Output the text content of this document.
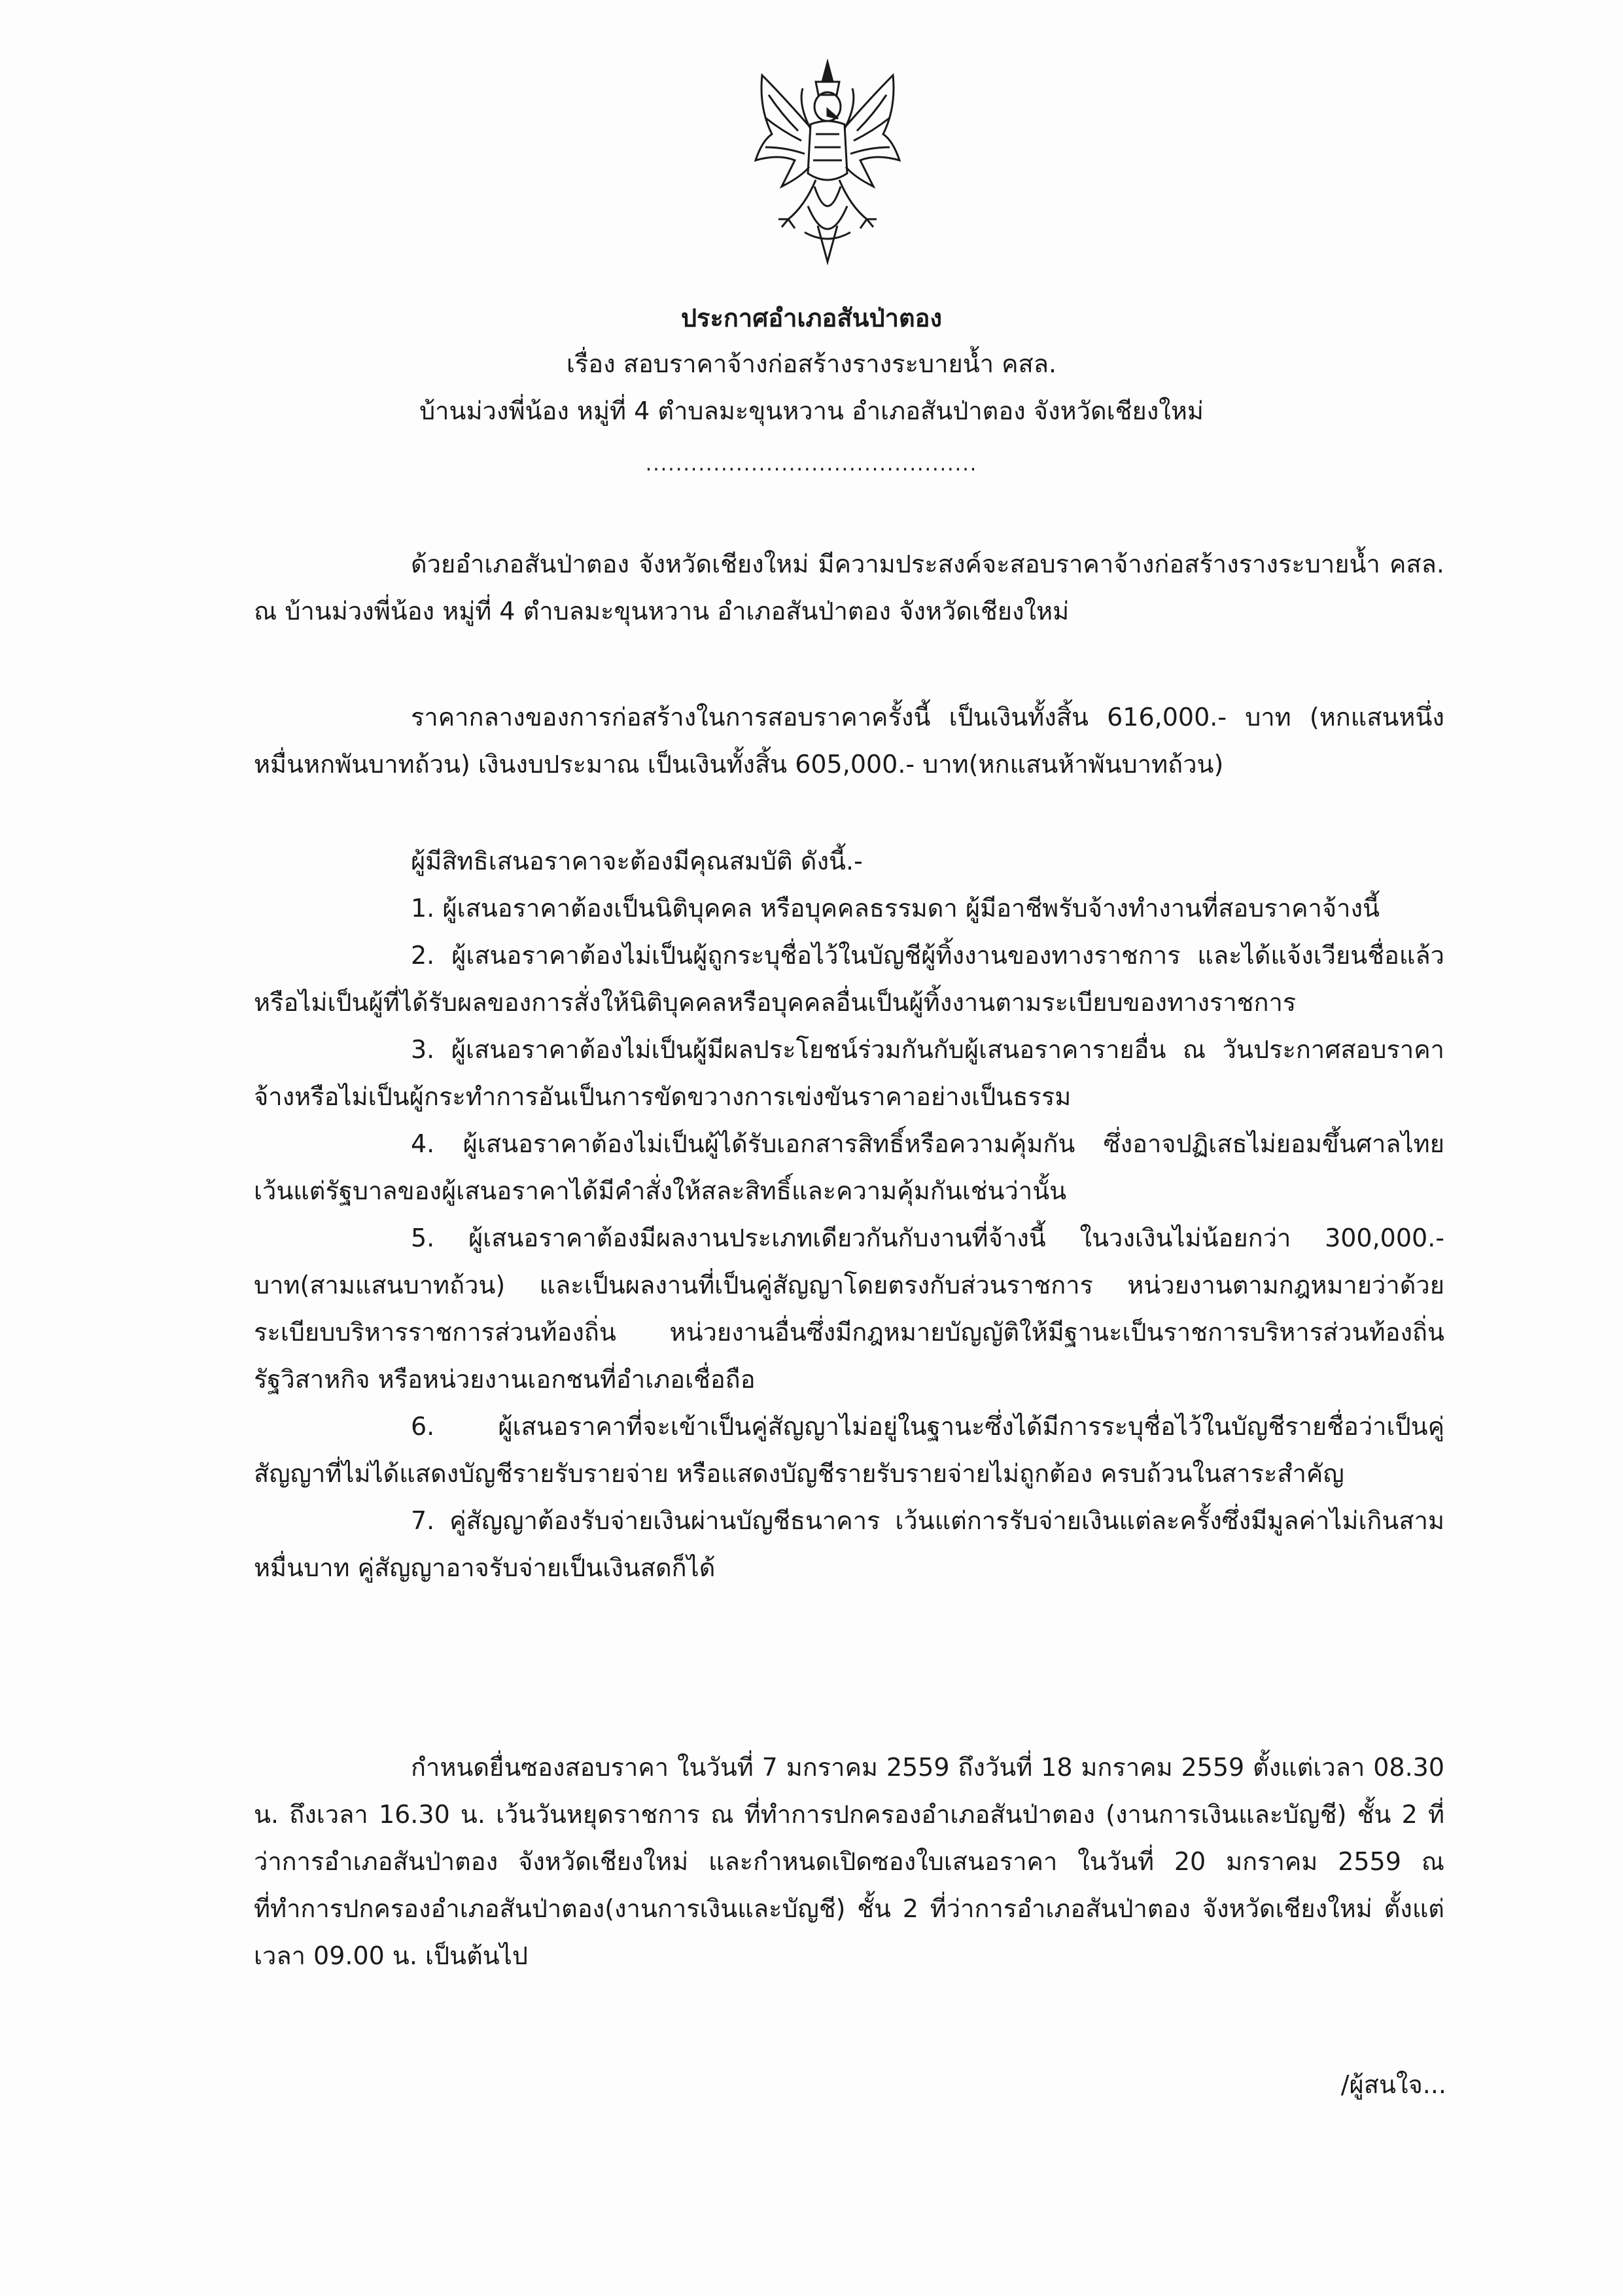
ประกาศอำเภอสันป่าตอง
เรื่อง สอบราคาจ้างก่อสร้างรางระบายน้ำ คสล.
บ้านม่วงพี่น้อง หมู่ที่ 4 ตำบลมะขุนหวาน อำเภอสันป่าตอง จังหวัดเชียงใหม่
............................................

ด้วยอำเภอสันป่าตอง จังหวัดเชียงใหม่ มีความประสงค์จะสอบราคาจ้างก่อสร้างรางระบายน้ำ คสล. ณ บ้านม่วงพี่น้อง หมู่ที่ 4 ตำบลมะขุนหวาน อำเภอสันป่าตอง จังหวัดเชียงใหม่

ราคากลางของการก่อสร้างในการสอบราคาครั้งนี้ เป็นเงินทั้งสิ้น 616,000.- บาท (หกแสนหนึ่งหมื่นหกพันบาทถ้วน) เงินงบประมาณ เป็นเงินทั้งสิ้น 605,000.- บาท(หกแสนห้าพันบาทถ้วน)

ผู้มีสิทธิเสนอราคาจะต้องมีคุณสมบัติ ดังนี้.-

1. ผู้เสนอราคาต้องเป็นนิติบุคคล หรือบุคคลธรรมดา ผู้มีอาชีพรับจ้างทำงานที่สอบราคาจ้างนี้

2. ผู้เสนอราคาต้องไม่เป็นผู้ถูกระบุชื่อไว้ในบัญชีผู้ทิ้งงานของทางราชการ และได้แจ้งเวียนชื่อแล้วหรือไม่เป็นผู้ที่ได้รับผลของการสั่งให้นิติบุคคลหรือบุคคลอื่นเป็นผู้ทิ้งงานตามระเบียบของทางราชการ

3. ผู้เสนอราคาต้องไม่เป็นผู้มีผลประโยชน์ร่วมกันกับผู้เสนอราคารายอื่น ณ วันประกาศสอบราคาจ้างหรือไม่เป็นผู้กระทำการอันเป็นการขัดขวางการเข่งขันราคาอย่างเป็นธรรม

4. ผู้เสนอราคาต้องไม่เป็นผู้ได้รับเอกสารสิทธิ์หรือความคุ้มกัน ซึ่งอาจปฏิเสธไม่ยอมขึ้นศาลไทย เว้นแต่รัฐบาลของผู้เสนอราคาได้มีคำสั่งให้สละสิทธิ์และความคุ้มกันเช่นว่านั้น

5. ผู้เสนอราคาต้องมีผลงานประเภทเดียวกันกับงานที่จ้างนี้ ในวงเงินไม่น้อยกว่า 300,000.- บาท(สามแสนบาทถ้วน) และเป็นผลงานที่เป็นคู่สัญญาโดยตรงกับส่วนราชการ หน่วยงานตามกฎหมายว่าด้วยระเบียบบริหารราชการส่วนท้องถิ่น หน่วยงานอื่นซึ่งมีกฎหมายบัญญัติให้มีฐานะเป็นราชการบริหารส่วนท้องถิ่น รัฐวิสาหกิจ หรือหน่วยงานเอกชนที่อำเภอเชื่อถือ

6. ผู้เสนอราคาที่จะเข้าเป็นคู่สัญญาไม่อยู่ในฐานะซึ่งได้มีการระบุชื่อไว้ในบัญชีรายชื่อว่าเป็นคู่สัญญาที่ไม่ได้แสดงบัญชีรายรับรายจ่าย หรือแสดงบัญชีรายรับรายจ่ายไม่ถูกต้อง ครบถ้วนในสาระสำคัญ

7. คู่สัญญาต้องรับจ่ายเงินผ่านบัญชีธนาคาร เว้นแต่การรับจ่ายเงินแต่ละครั้งซึ่งมีมูลค่าไม่เกินสามหมื่นบาท คู่สัญญาอาจรับจ่ายเป็นเงินสดก็ได้

กำหนดยื่นซองสอบราคา ในวันที่ 7 มกราคม 2559 ถึงวันที่ 18 มกราคม 2559 ตั้งแต่เวลา 08.30 น. ถึงเวลา 16.30 น. เว้นวันหยุดราชการ ณ ที่ทำการปกครองอำเภอสันป่าตอง (งานการเงินและบัญชี) ชั้น 2 ที่ว่าการอำเภอสันป่าตอง จังหวัดเชียงใหม่ และกำหนดเปิดซองใบเสนอราคา ในวันที่ 20 มกราคม 2559 ณ ที่ทำการปกครองอำเภอสันป่าตอง(งานการเงินและบัญชี) ชั้น 2 ที่ว่าการอำเภอสันป่าตอง จังหวัดเชียงใหม่ ตั้งแต่เวลา 09.00 น. เป็นต้นไป

/ผู้สนใจ...
